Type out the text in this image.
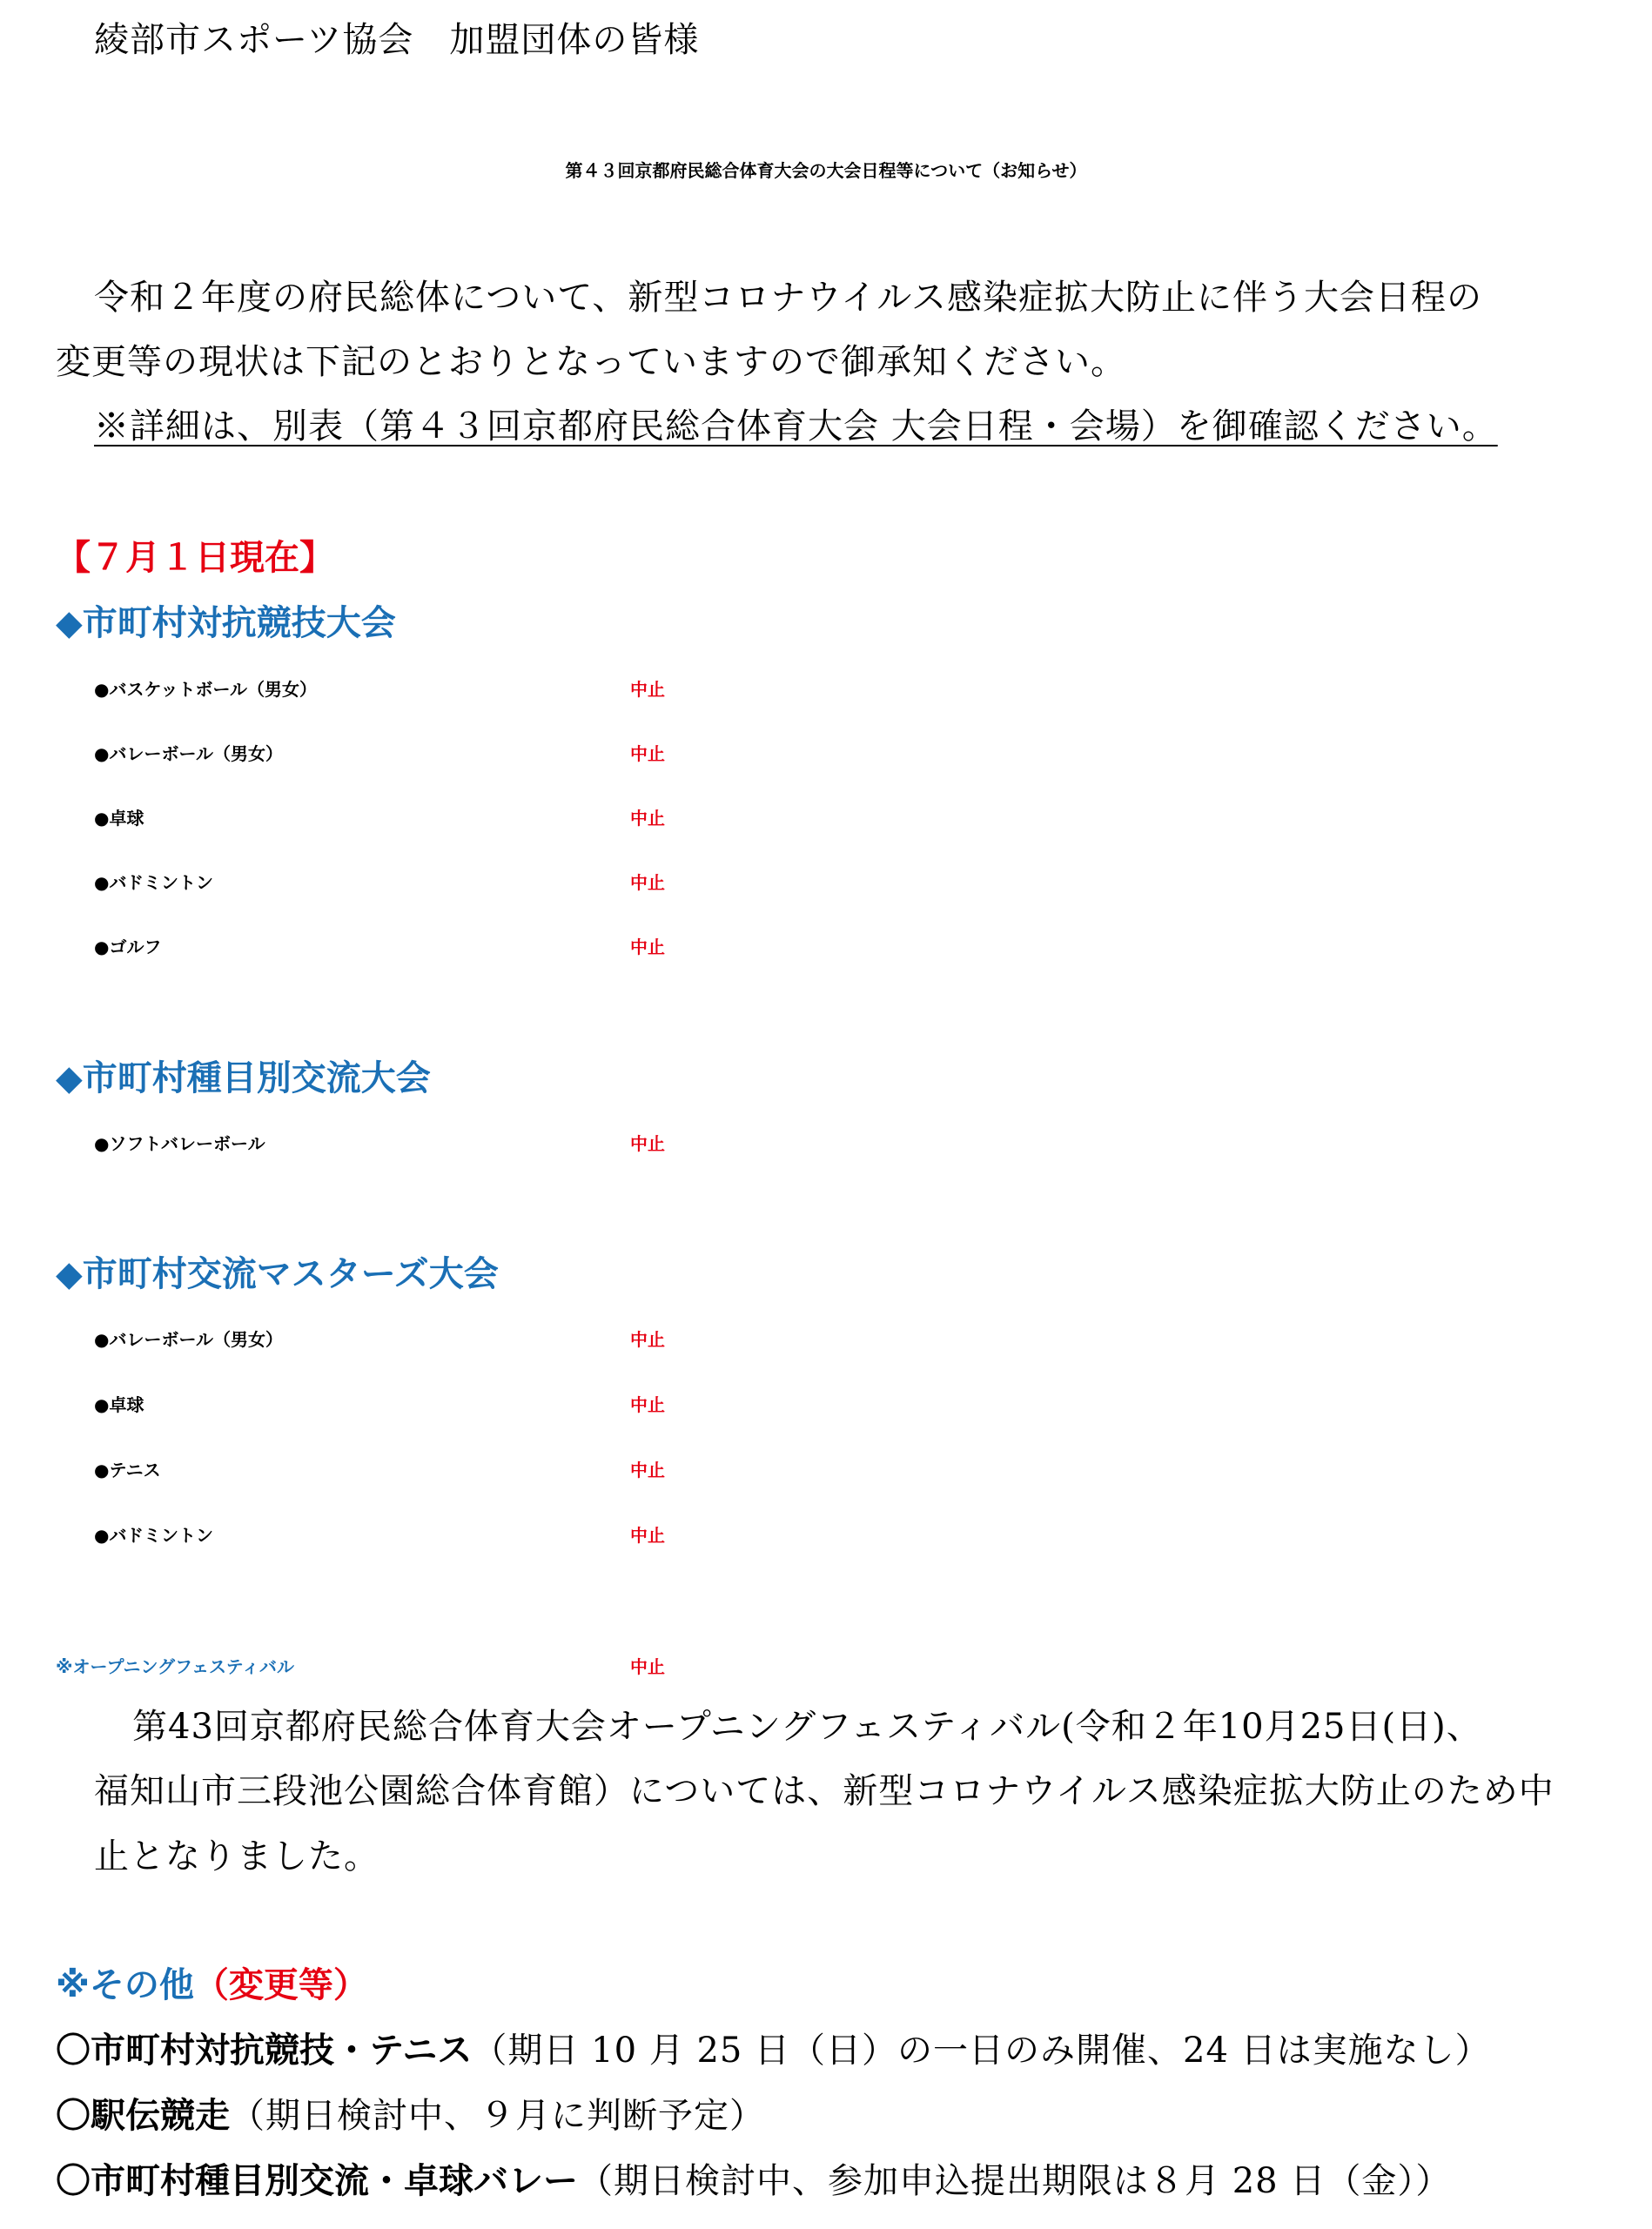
綾部市スポーツ協会　加盟団体の皆様
第４３回京都府民総合体育大会の大会日程等について（お知らせ）
令和２年度の府民総体について、新型コロナウイルス感染症拡大防止に伴う大会日程の
変更等の現状は下記のとおりとなっていますので御承知ください。
※詳細は、別表（第４３回京都府民総合体育大会 大会日程・会場）を御確認ください。
【７月１日現在】
◆市町村対抗競技大会
●バスケットボール（男女）	中止
●バレーボール（男女）	中止
●卓球	中止
●バドミントン	中止
●ゴルフ	中止
◆市町村種目別交流大会
●ソフトバレーボール	中止
◆市町村交流マスターズ大会
●バレーボール（男女）	中止
●卓球	中止
●テニス	中止
●バドミントン	中止
※オープニングフェスティバル	中止
第43回京都府民総合体育大会オープニングフェスティバル(令和２年10月25日(日)、
福知山市三段池公園総合体育館）については、新型コロナウイルス感染症拡大防止のため中
止となりました。
※その他（変更等）
〇市町村対抗競技・テニス（期日 10 月 25 日（日）の一日のみ開催、24 日は実施なし）
〇駅伝競走（期日検討中、９月に判断予定）
〇市町村種目別交流・卓球バレー（期日検討中、参加申込提出期限は８月 28 日（金））
